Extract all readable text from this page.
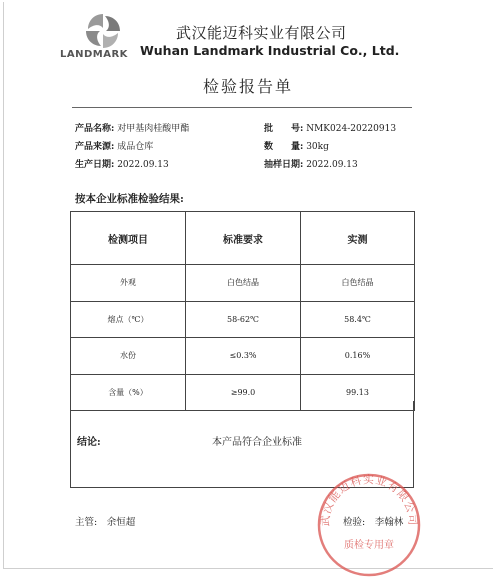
LANDMARK
武汉能迈科实业有限公司
Wuhan Landmark Industrial Co., Ltd.
检验报告单
产品名称: 对甲基肉桂酸甲酯	批　　号: NMK024-20220913
产品来源: 成品仓库	数　　量: 30kg
生产日期: 2022.09.13	抽样日期: 2022.09.13
按本企业标准检验结果:
检测项目	标准要求	实测
外观	白色结晶	白色结晶
熔点（℃）	58-62℃	58.4℃
水份	≤0.3%	0.16%
含量（%）	≥99.0	99.13
结论:	本产品符合企业标准
主管:　余恒超	检验:　李翰林
武汉能迈科实业有限公司
质检专用章
